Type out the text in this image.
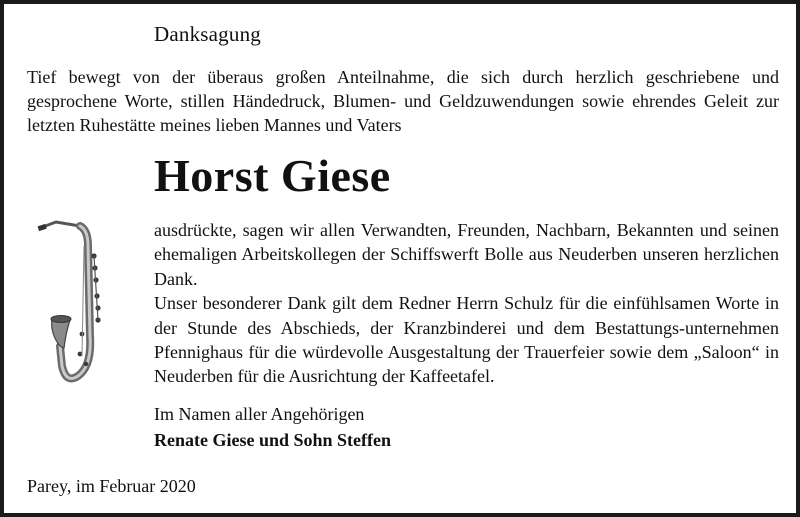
Danksagung
Tief bewegt von der überaus großen Anteilnahme, die sich durch herzlich geschriebene und gesprochene Worte, stillen Händedruck, Blumen- und Geldzuwendungen sowie ehrendes Geleit zur letzten Ruhestätte meines lieben Mannes und Vaters
Horst Giese

ausdrückte, sagen wir allen Verwandten, Freunden, Nachbarn, Bekannten und seinen ehemaligen Arbeitskollegen der Schiffswerft Bolle aus Neuderben unseren herzlichen Dank.

Unser besonderer Dank gilt dem Redner Herrn Schulz für die einfühlsamen Worte in der Stunde des Abschieds, der Kranzbinderei und dem Bestattungs-unternehmen Pfennighaus für die würdevolle Ausgestaltung der Trauerfeier sowie dem „Saloon“ in Neuderben für die Ausrichtung der Kaffeetafel.

Im Namen aller Angehörigen
Renate Giese und Sohn Steffen
Parey, im Februar 2020
